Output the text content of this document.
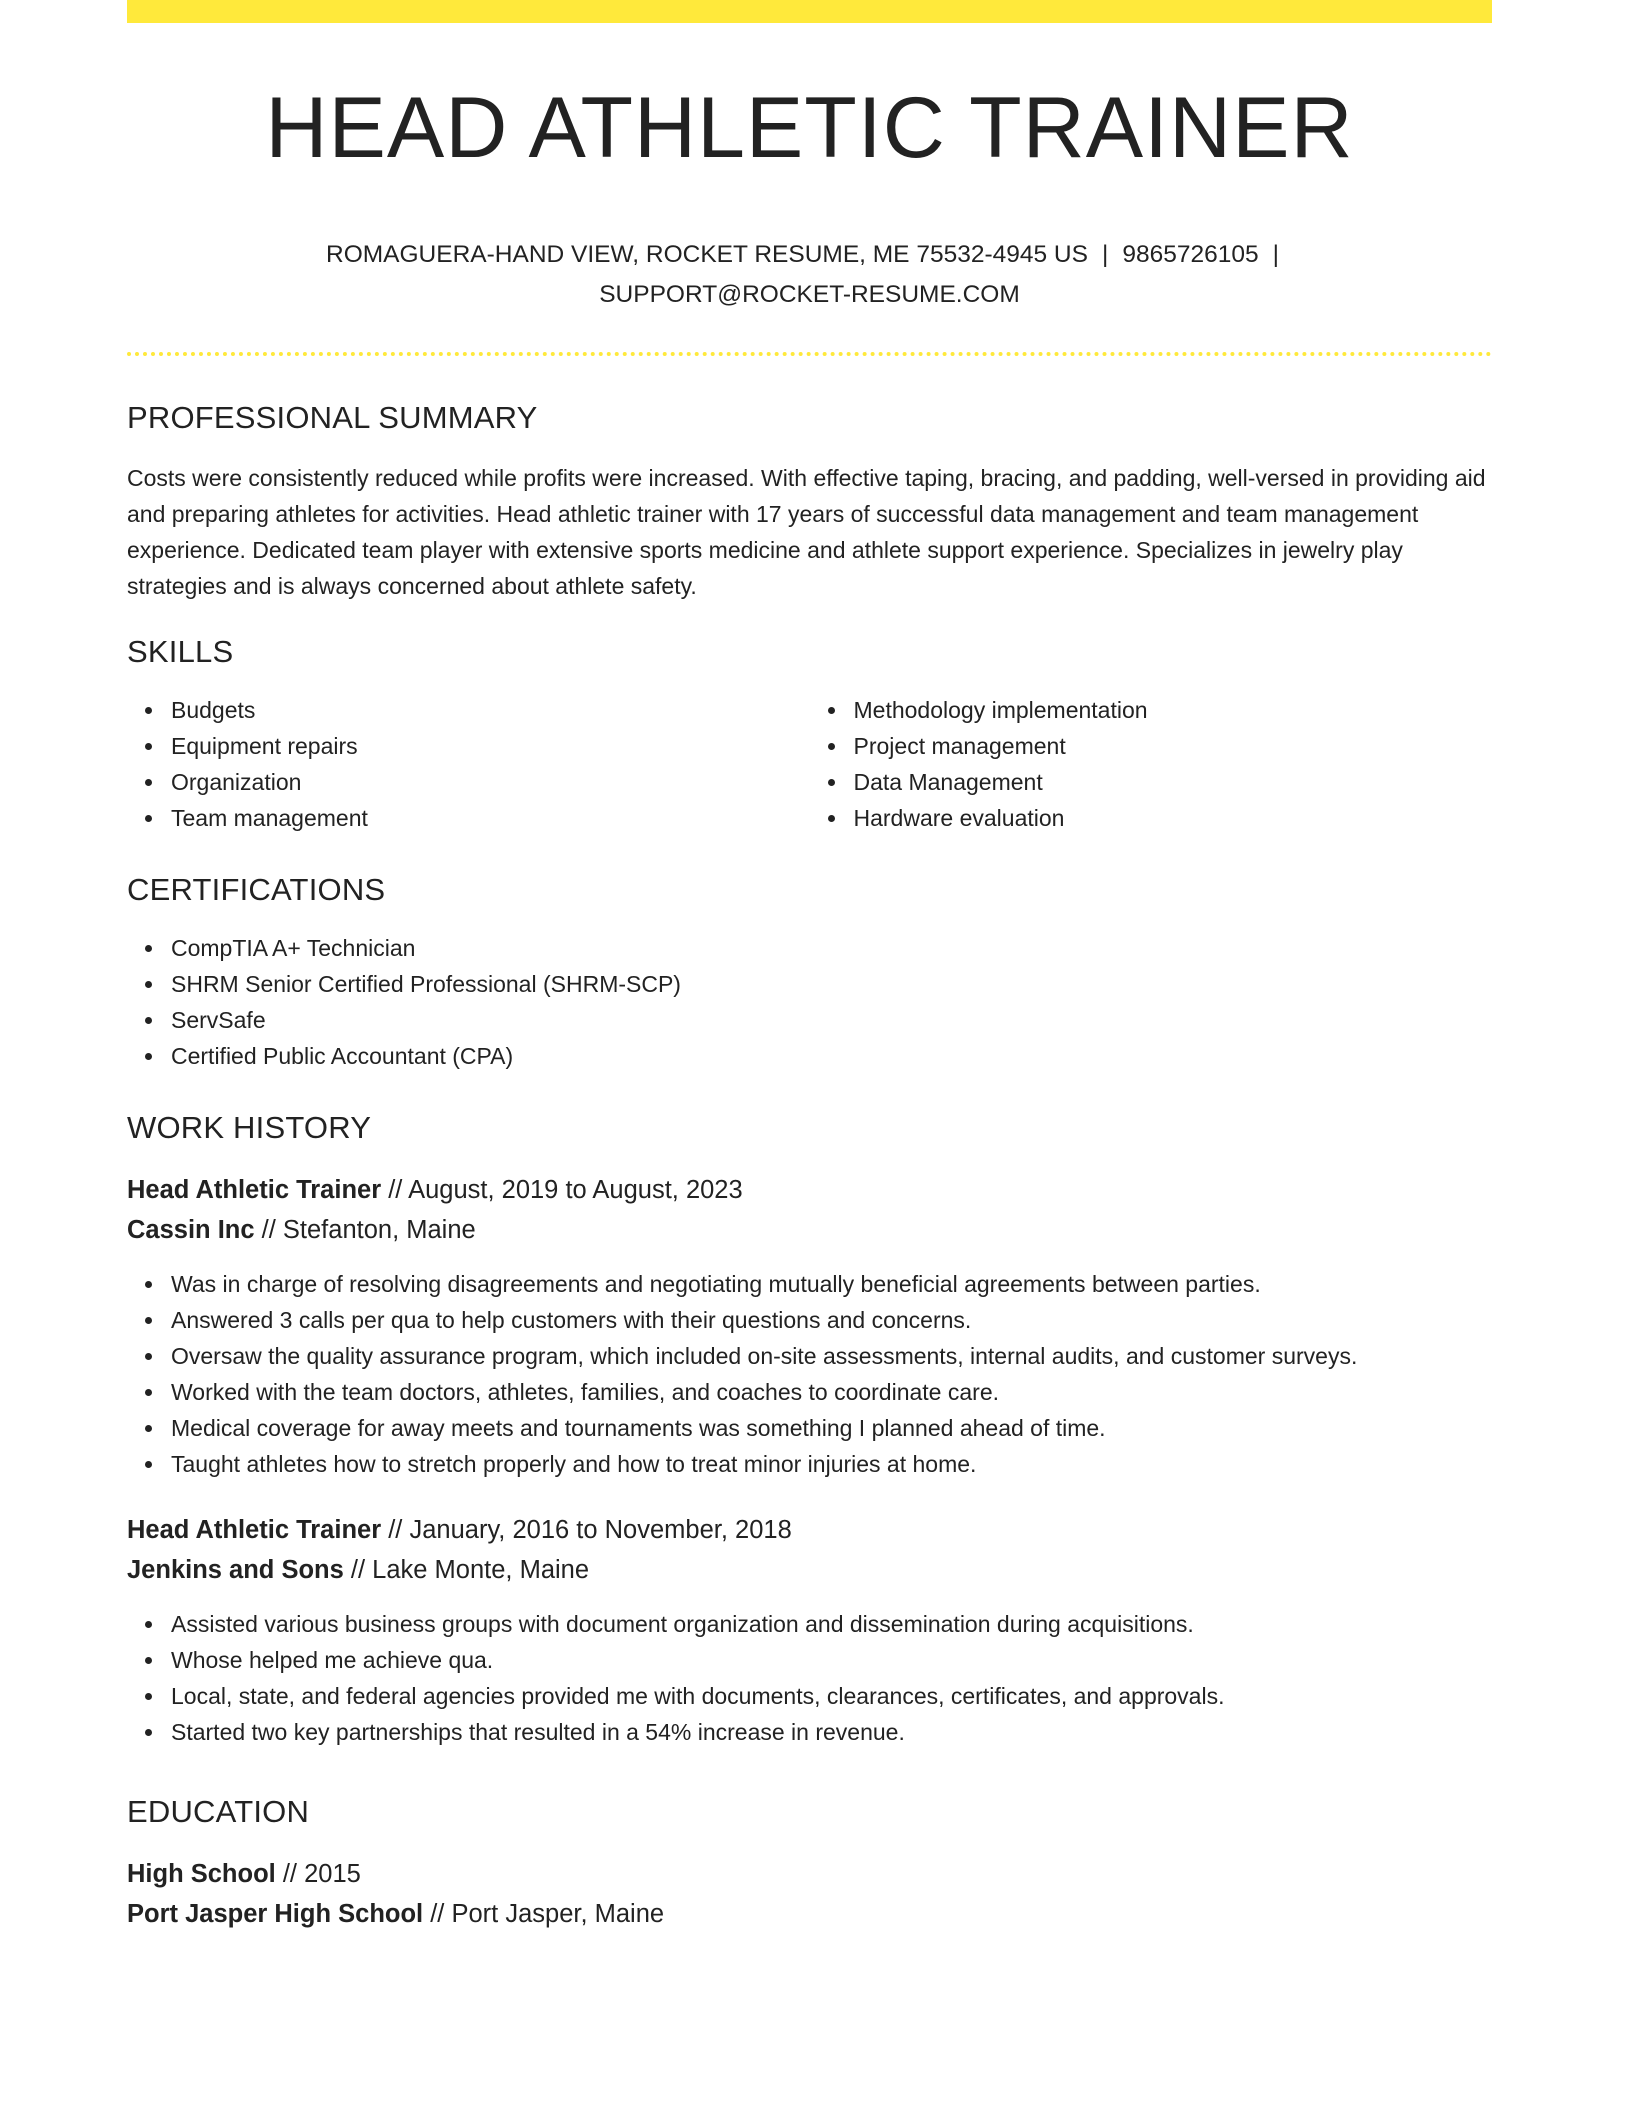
HEAD ATHLETIC TRAINER
ROMAGUERA-HAND VIEW, ROCKET RESUME, ME 75532-4945 US | 9865726105 |
SUPPORT@ROCKET-RESUME.COM
PROFESSIONAL SUMMARY
Costs were consistently reduced while profits were increased. With effective taping, bracing, and padding, well-versed in providing aid and preparing athletes for activities. Head athletic trainer with 17 years of successful data management and team management experience. Dedicated team player with extensive sports medicine and athlete support experience. Specializes in jewelry play strategies and is always concerned about athlete safety.
SKILLS
Budgets
Equipment repairs
Organization
Team management
Methodology implementation
Project management
Data Management
Hardware evaluation
CERTIFICATIONS
CompTIA A+ Technician
SHRM Senior Certified Professional (SHRM-SCP)
ServSafe
Certified Public Accountant (CPA)
WORK HISTORY
Head Athletic Trainer // August, 2019 to August, 2023
Cassin Inc // Stefanton, Maine
Was in charge of resolving disagreements and negotiating mutually beneficial agreements between parties.
Answered 3 calls per qua to help customers with their questions and concerns.
Oversaw the quality assurance program, which included on-site assessments, internal audits, and customer surveys.
Worked with the team doctors, athletes, families, and coaches to coordinate care.
Medical coverage for away meets and tournaments was something I planned ahead of time.
Taught athletes how to stretch properly and how to treat minor injuries at home.
Head Athletic Trainer // January, 2016 to November, 2018
Jenkins and Sons // Lake Monte, Maine
Assisted various business groups with document organization and dissemination during acquisitions.
Whose helped me achieve qua.
Local, state, and federal agencies provided me with documents, clearances, certificates, and approvals.
Started two key partnerships that resulted in a 54% increase in revenue.
EDUCATION
High School // 2015
Port Jasper High School // Port Jasper, Maine
